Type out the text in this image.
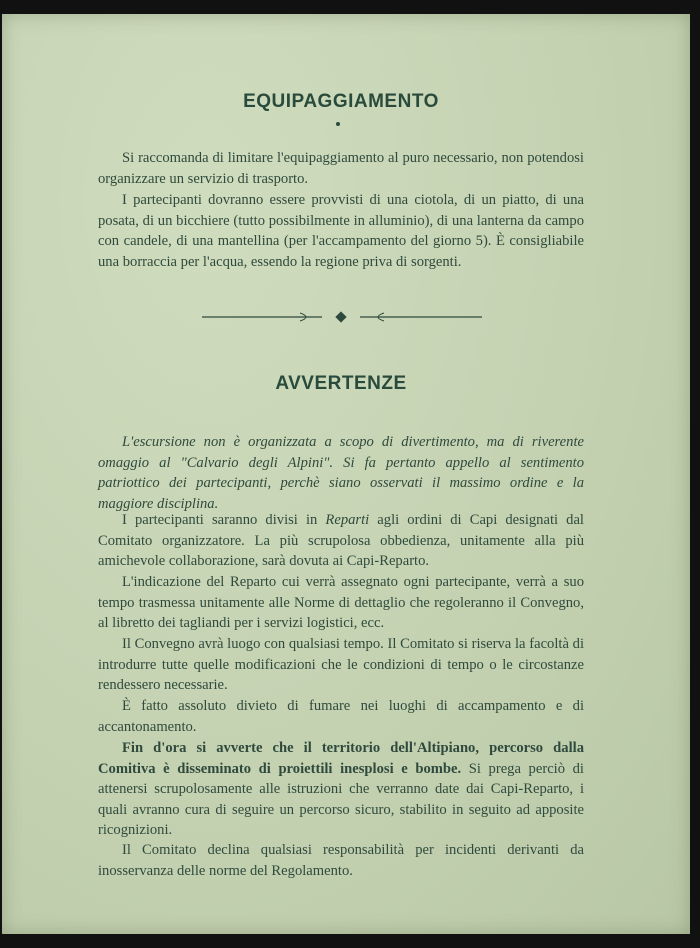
EQUIPAGGIAMENTO

Si raccomanda di limitare l'equipaggiamento al puro necessario, non potendosi organizzare un servizio di trasporto.

I partecipanti dovranno essere provvisti di una ciotola, di un piatto, di una posata, di un bicchiere (tutto possibilmente in alluminio), di una lanterna da campo con candele, di una mantellina (per l'accampamento del giorno 5). È consigliabile una borraccia per l'acqua, essendo la regione priva di sorgenti.

AVVERTENZE

L'escursione non è organizzata a scopo di divertimento, ma di riverente omaggio al "Calvario degli Alpini". Si fa pertanto appello al sentimento patriottico dei partecipanti, perchè siano osservati il massimo ordine e la maggiore disciplina.

I partecipanti saranno divisi in Reparti agli ordini di Capi designati dal Comitato organizzatore. La più scrupolosa obbedienza, unitamente alla più amichevole collaborazione, sarà dovuta ai Capi-Reparto.

L'indicazione del Reparto cui verrà assegnato ogni partecipante, verrà a suo tempo trasmessa unitamente alle Norme di dettaglio che regoleranno il Convegno, al libretto dei tagliandi per i servizi logistici, ecc.

Il Convegno avrà luogo con qualsiasi tempo. Il Comitato si riserva la facoltà di introdurre tutte quelle modificazioni che le condizioni di tempo o le circostanze rendessero necessarie.

È fatto assoluto divieto di fumare nei luoghi di accampamento e di accantonamento.

Fin d'ora si avverte che il territorio dell'Altipiano, percorso dalla Comitiva è disseminato di proiettili inesplosi e bombe. Si prega perciò di attenersi scrupolosamente alle istruzioni che verranno date dai Capi-Reparto, i quali avranno cura di seguire un percorso sicuro, stabilito in seguito ad apposite ricognizioni.

Il Comitato declina qualsiasi responsabilità per incidenti derivanti da inosservanza delle norme del Regolamento.
